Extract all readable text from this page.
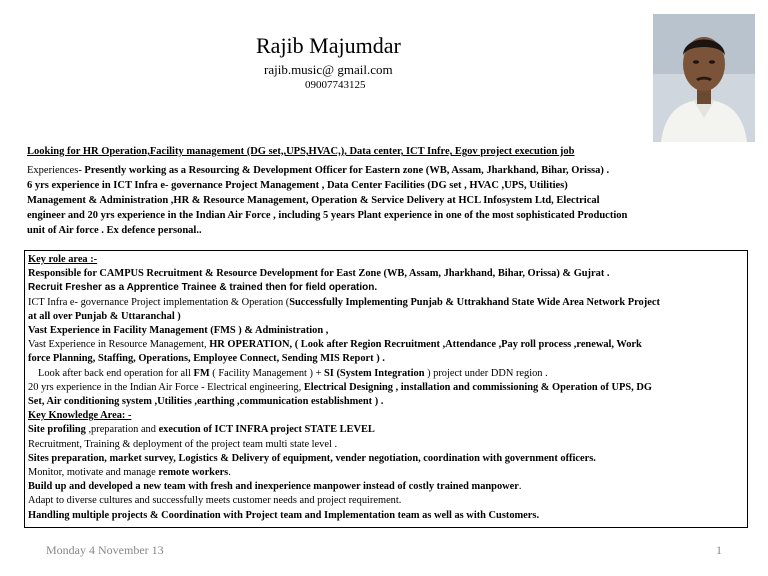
Rajib Majumdar
rajib.music@ gmail.com
09007743125
Looking for HR Operation,Facility management (DG set,,UPS,HVAC,), Data center, ICT Infre, Egov project execution job

Experiences- Presently working as a Resourcing & Development Officer for Eastern zone (WB, Assam, Jharkhand, Bihar, Orissa) .

6 yrs experience in ICT Infra e- governance Project Management , Data Center Facilities (DG set , HVAC ,UPS, Utilities)

Management & Administration ,HR & Resource Management, Operation & Service Delivery at HCL Infosystem Ltd, Electrical

engineer and 20 yrs experience in the Indian Air Force , including 5 years Plant experience in one of the most sophisticated Production

unit of Air force . Ex defence personal..

Key role area :-

Responsible for CAMPUS Recruitment & Resource Development for East Zone (WB, Assam, Jharkhand, Bihar, Orissa) & Gujrat .

Recruit Fresher as a Apprentice Trainee & trained then for field operation.

ICT Infra e- governance Project implementation & Operation (Successfully Implementing Punjab & Uttrakhand State Wide Area Network Project

at all over Punjab & Uttaranchal )

Vast Experience in Facility Management (FMS ) & Administration ,

Vast Experience in Resource Management, HR OPERATION, ( Look after Region Recruitment ,Attendance ,Pay roll process ,renewal, Work

force Planning, Staffing, Operations, Employee Connect, Sending MIS Report ) .

Look after back end operation for all FM ( Facility Management ) + SI (System Integration ) project under DDN region .

20 yrs experience in the Indian Air Force - Electrical engineering, Electrical Designing , installation and commissioning & Operation of UPS, DG

Set, Air conditioning system ,Utilities ,earthing ,communication establishment ) .

Key Knowledge Area: -

Site profiling ,preparation and execution of ICT INFRA project STATE LEVEL

Recruitment, Training & deployment of the project team multi state level .

Sites preparation, market survey, Logistics & Delivery of equipment, vender negotiation, coordination with government officers.

Monitor, motivate and manage remote workers.

Build up and developed a new team with fresh and inexperience manpower instead of costly trained manpower.

Adapt to diverse cultures and successfully meets customer needs and project requirement.

Handling multiple projects & Coordination with Project team and Implementation team as well as with Customers.

Monday 4 November 13	1
